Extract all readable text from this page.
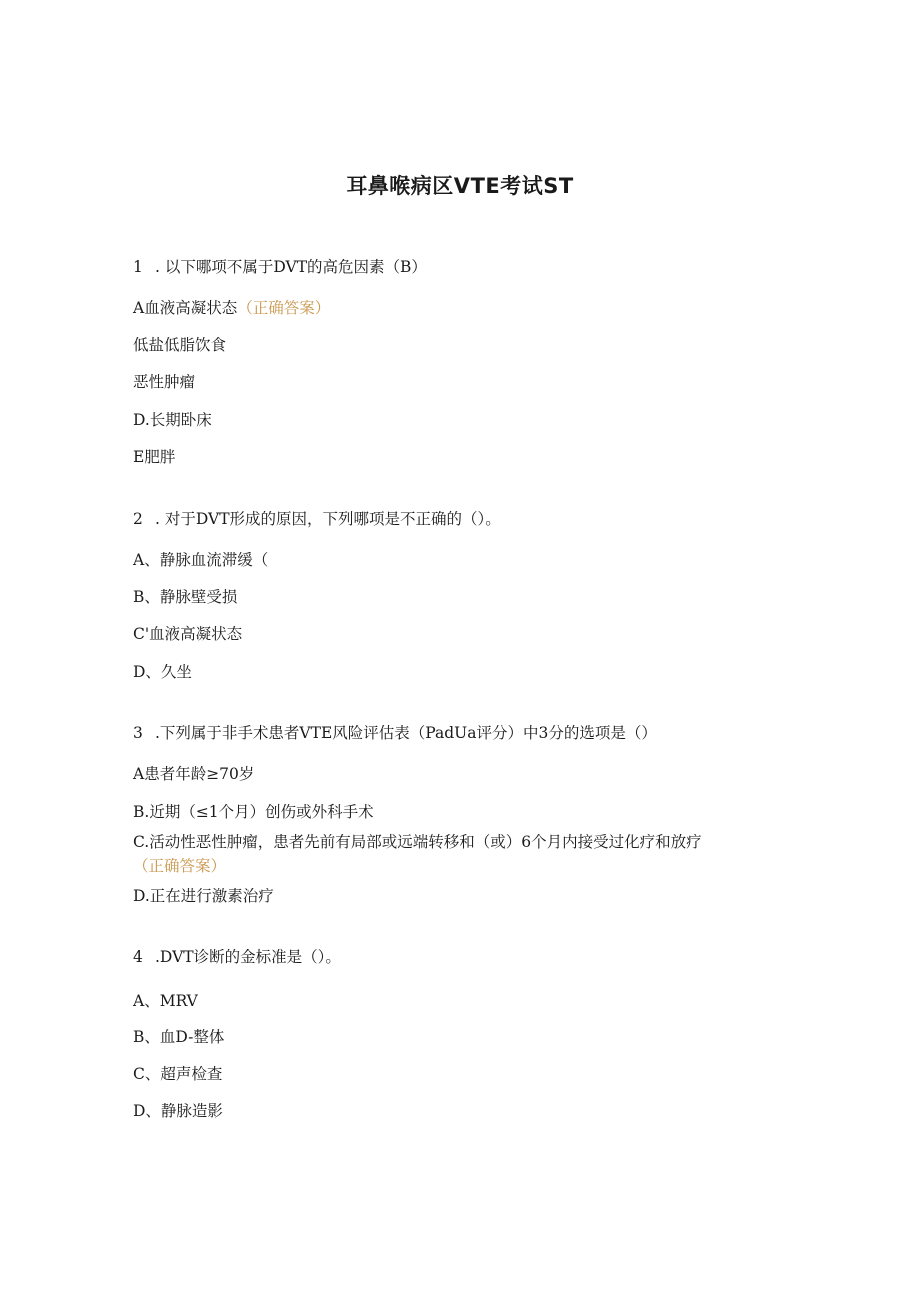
耳鼻喉病区VTE考试ST
1 . 以下哪项不属于DVT的高危因素（B）
A血液高凝状态（正确答案）
低盐低脂饮食
恶性肿瘤
D.长期卧床
E肥胖
2 . 对于DVT形成的原因，下列哪项是不正确的（）。
A、静脉血流滞缓（
B、静脉壁受损
C'血液高凝状态
D、久坐
3 .下列属于非手术患者VTE风险评估表（PadUa评分）中3分的选项是（）
A患者年龄≥70岁
B.近期（≤1个月）创伤或外科手术
C.活动性恶性肿瘤，患者先前有局部或远端转移和（或）6个月内接受过化疗和放疗
（正确答案）
D.正在进行激素治疗
4 .DVT诊断的金标准是（）。
A、MRV
B、血D-整体
C、超声检查
D、静脉造影
